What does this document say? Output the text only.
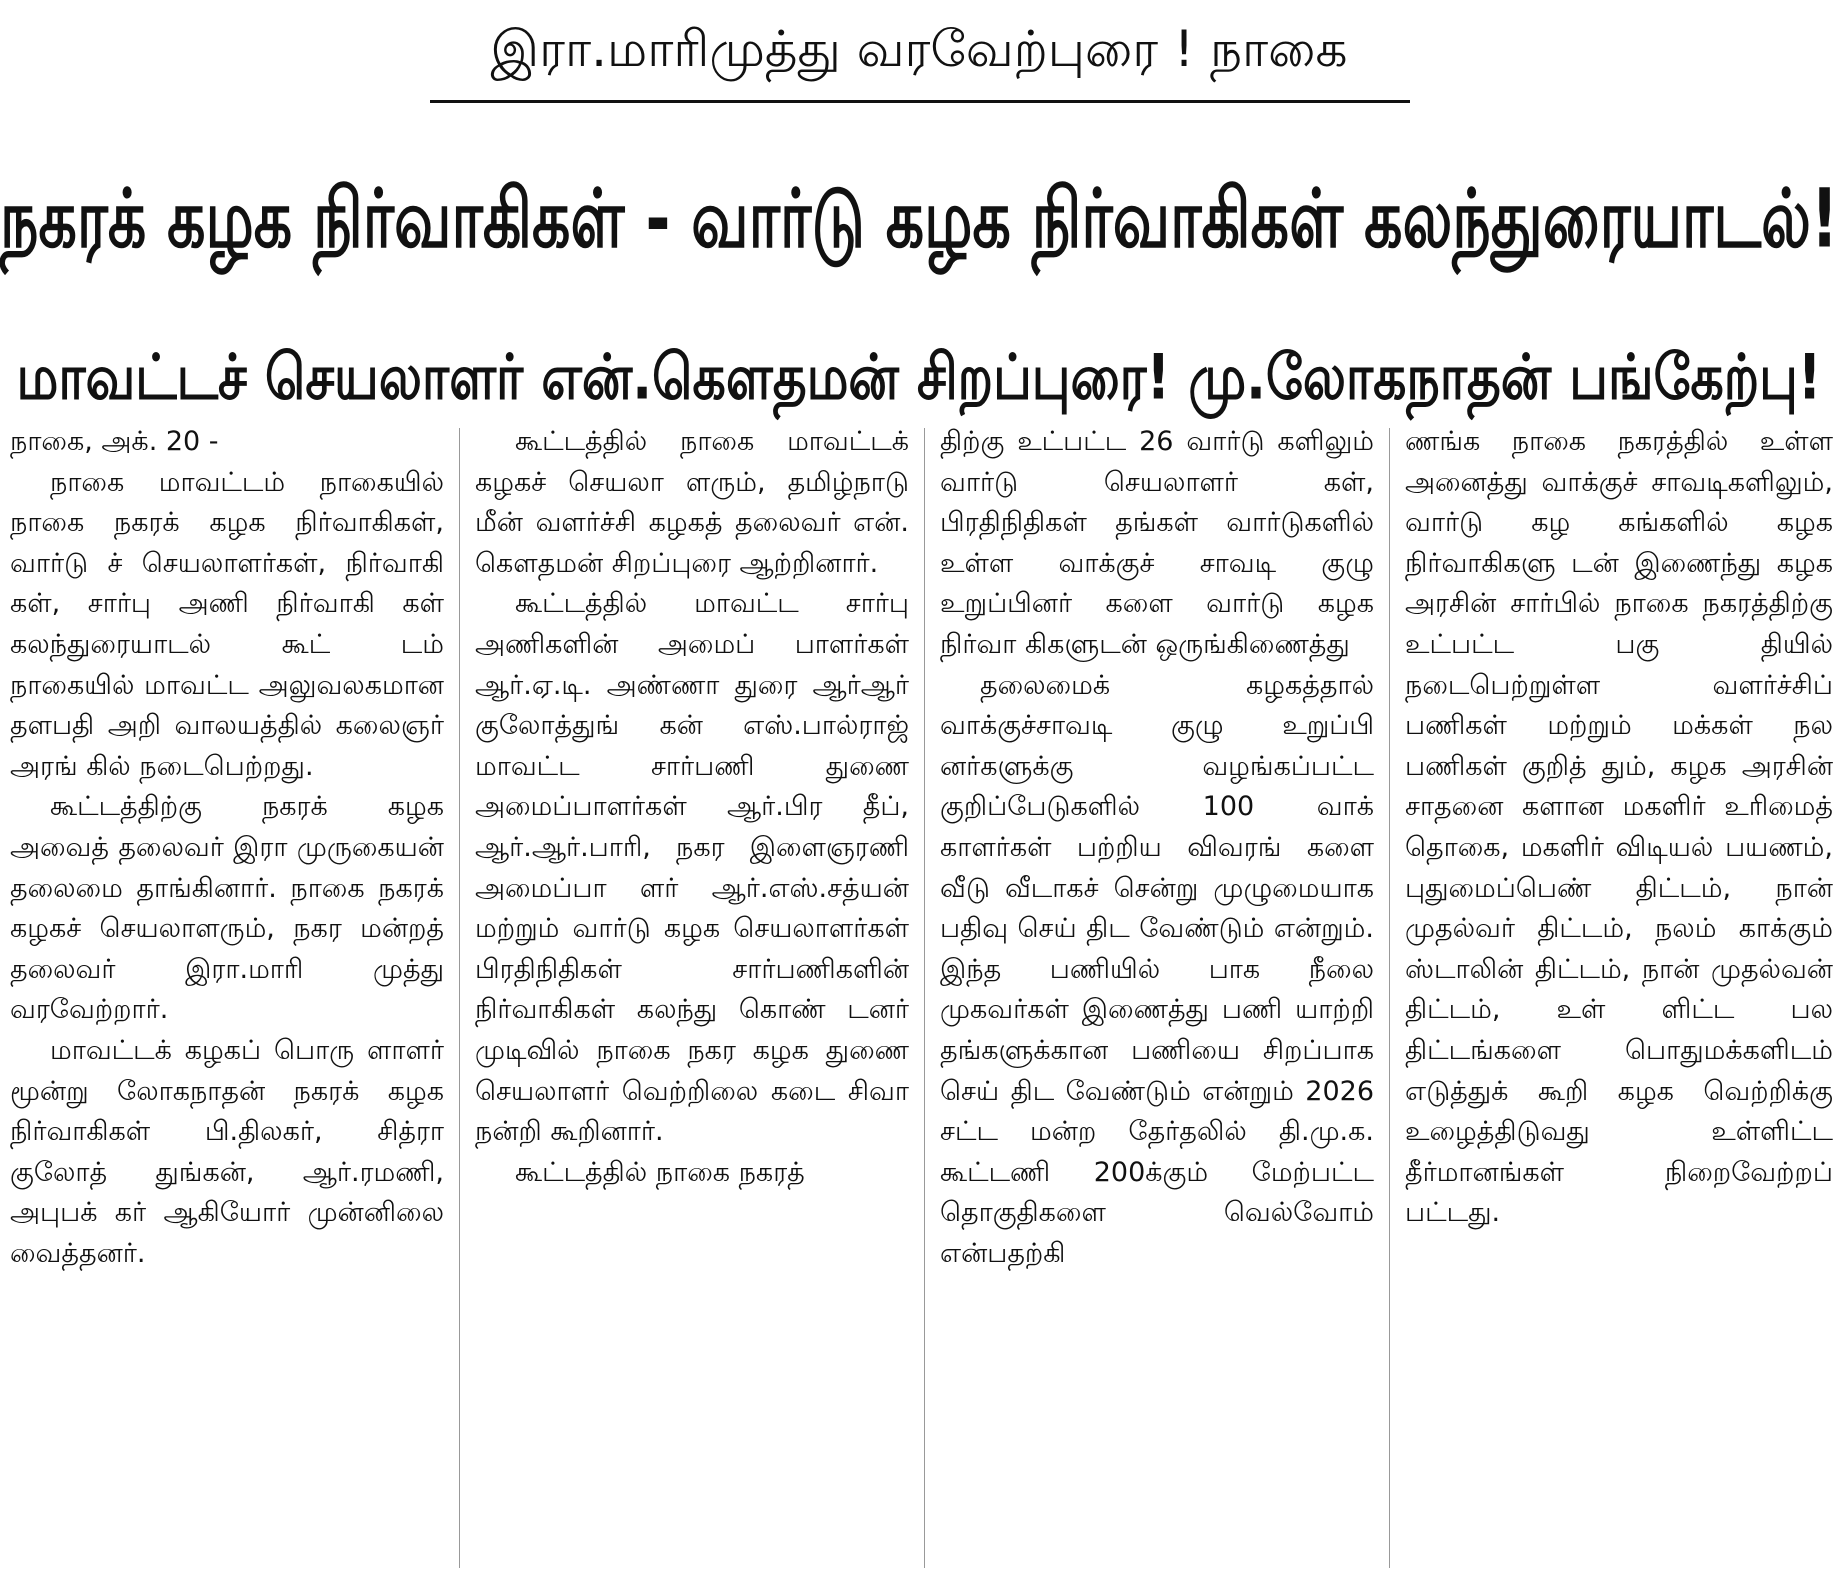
இரா.மாரிமுத்து வரவேற்புரை ! நாகை
நகரக் கழக நிர்வாகிகள் - வார்டு கழக நிர்வாகிகள் கலந்துரையாடல்!
மாவட்டச் செயலாளர் என்.கௌதமன் சிறப்புரை! மு.லோகநாதன் பங்கேற்பு!

நாகை, அக். 20 -

நாகை மாவட்டம் நாகையில் நாகை நகரக் கழக நிர்வாகிகள், வார்டு ச் செயலாளர்கள், நிர்வாகி கள், சார்பு அணி நிர்வாகி கள் கலந்துரையாடல் கூட் டம் நாகையில் மாவட்ட அலுவலகமான தளபதி அறி வாலயத்தில் கலைஞர் அரங் கில் நடைபெற்றது.

கூட்டத்திற்கு நகரக் கழக அவைத் தலைவர் இரா முருகையன் தலைமை தாங்கினார். நாகை நகரக் கழகச் செயலாளரும், நகர மன்றத் தலைவர் இரா.மாரி முத்து வரவேற்றார்.

மாவட்டக் கழகப் பொரு ளாளர் மூன்று லோகநாதன் நகரக் கழக நிர்வாகிகள் பி.திலகர், சித்ரா குலோத் துங்கன், ஆர்.ரமணி, அபுபக் கர் ஆகியோர் முன்னிலை வைத்தனர்.

கூட்டத்தில் நாகை மாவட்டக் கழகச் செயலா ளரும், தமிழ்நாடு மீன் வளர்ச்சி கழகத் தலைவர் என். கௌதமன் சிறப்புரை ஆற்றினார்.

கூட்டத்தில் மாவட்ட சார்பு அணிகளின் அமைப் பாளர்கள் ஆர்.ஏ.டி. அண்ணா துரை ஆர்ஆர் குலோத்துங் கன் எஸ்.பால்ராஜ் மாவட்ட சார்பணி துணை அமைப்பாளர்கள் ஆர்.பிர தீப், ஆர்.ஆர்.பாரி, நகர இளைஞரணி அமைப்பா ளர் ஆர்.எஸ்.சத்யன் மற்றும் வார்டு கழக செயலாளர்கள் பிரதிநிதிகள் சார்பணிகளின் நிர்வாகிகள் கலந்து கொண் டனர் முடிவில் நாகை நகர கழக துணை செயலாளர் வெற்றிலை கடை சிவா நன்றி கூறினார்.

கூட்டத்தில் நாகை நகரத்

திற்கு உட்பட்ட 26 வார்டு களிலும் வார்டு செயலாளர் கள், பிரதிநிதிகள் தங்கள் வார்டுகளில் உள்ள வாக்குச் சாவடி குழு உறுப்பினர் களை வார்டு கழக நிர்வா கிகளுடன் ஒருங்கிணைத்து

தலைமைக் கழகத்தால் வாக்குச்சாவடி குழு உறுப்பி னர்களுக்கு வழங்கப்பட்ட குறிப்பேடுகளில் 100 வாக் காளர்கள் பற்றிய விவரங் களை வீடு வீடாகச் சென்று முழுமையாக பதிவு செய் திட வேண்டும் என்றும். இந்த பணியில் பாக நீலை முகவர்கள் இணைத்து பணி யாற்றி தங்களுக்கான பணியை சிறப்பாக செய் திட வேண்டும் என்றும் 2026 சட்ட மன்ற தேர்தலில் தி.மு.க. கூட்டணி 200க்கும் மேற்பட்ட தொகுதிகளை வெல்வோம் என்பதற்கி

ணங்க நாகை நகரத்தில் உள்ள அனைத்து வாக்குச் சாவடிகளிலும், வார்டு கழ கங்களில் கழக நிர்வாகிகளு டன் இணைந்து கழக அரசின் சார்பில் நாகை நகரத்திற்கு உட்பட்ட பகு தியில் நடைபெற்றுள்ள வளர்ச்சிப் பணிகள் மற்றும் மக்கள் நல பணிகள் குறித் தும், கழக அரசின் சாதனை களான மகளிர் உரிமைத் தொகை, மகளிர் விடியல் பயணம், புதுமைப்பெண் திட்டம், நான் முதல்வர் திட்டம், நலம் காக்கும் ஸ்டாலின் திட்டம், நான் முதல்வன் திட்டம், உள் ளிட்ட பல திட்டங்களை பொதுமக்களிடம் எடுத்துக் கூறி கழக வெற்றிக்கு உழைத்திடுவது உள்ளிட்ட தீர்மானங்கள் நிறைவேற்றப் பட்டது.
